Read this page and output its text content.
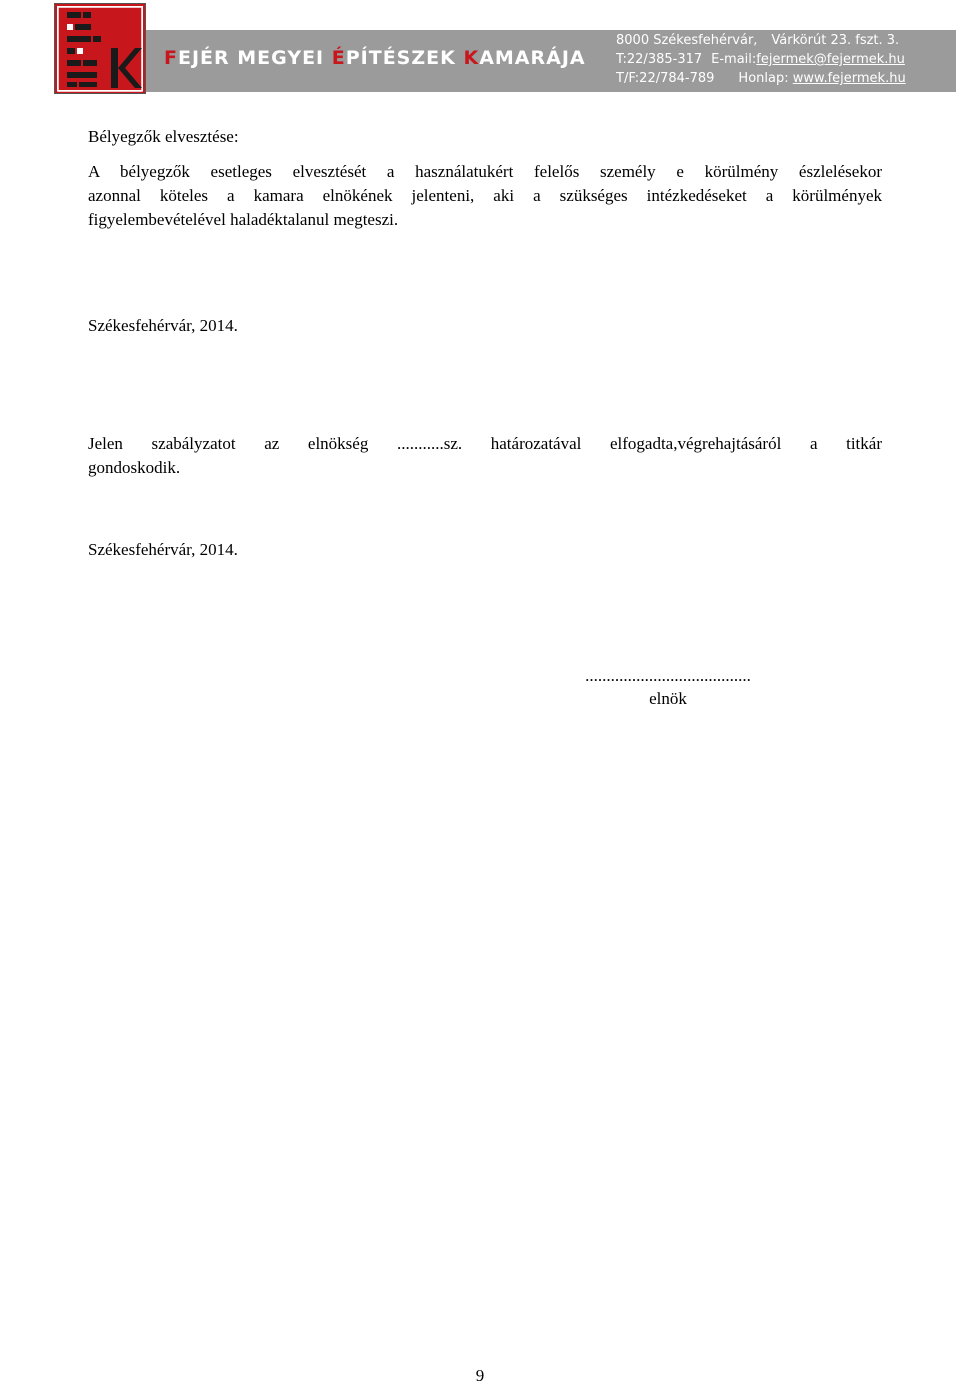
FEJÉR MEGYEI ÉPÍTÉSZEK KAMARÁJA
8000 Székesfehérvár, Várkörút 23. fszt. 3.
T:22/385-317 E-mail:fejermek@fejermek.hu
T/F:22/784-789 Honlap: www.fejermek.hu
Bélyegzők elvesztése:
A bélyegzők esetleges elvesztését a használatukért felelős személy e körülmény észlelésekor
azonnal köteles a kamara elnökének jelenteni, aki a szükséges intézkedéseket a körülmények
figyelembevételével haladéktalanul megteszi.
Székesfehérvár, 2014.
Jelen szabályzatot az elnökség ...........sz. határozatával elfogadta,végrehajtásáról a titkár
gondoskodik.
Székesfehérvár, 2014.
.......................................
elnök
9
